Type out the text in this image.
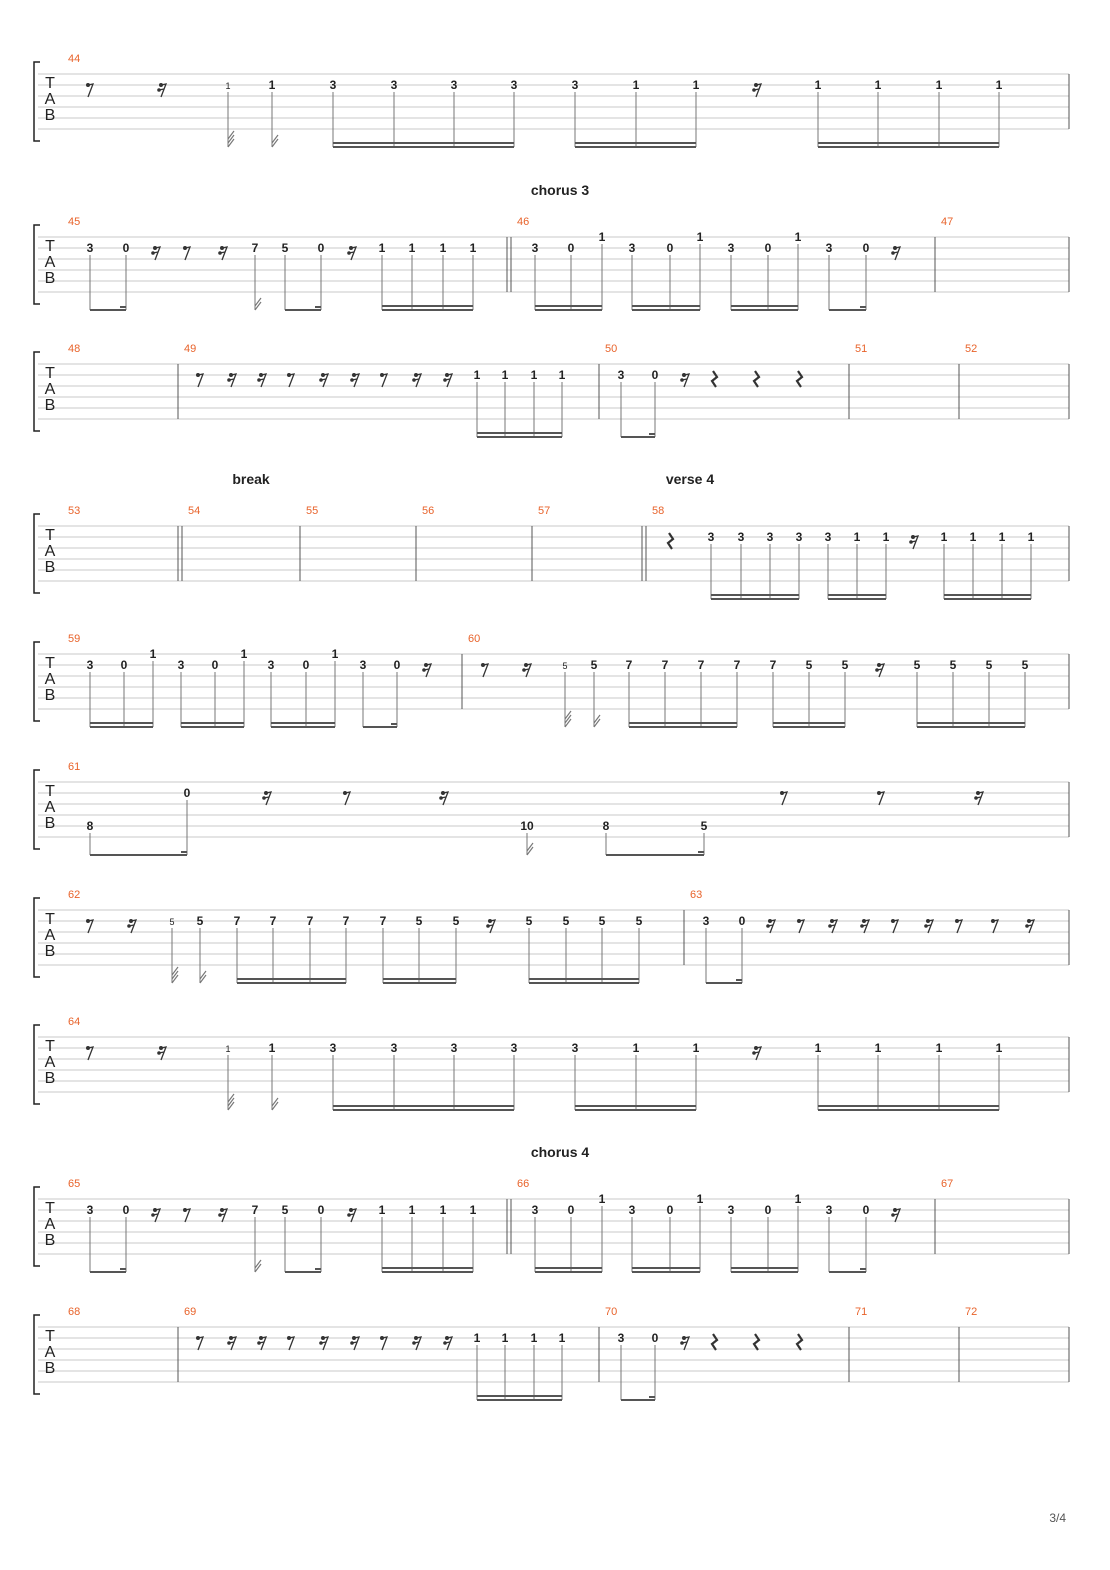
T
A
B
44
1	1	3	3	3	3	3	1	1	1	1	1	1
T
A
B
chorus 3
45
3 0	7 5 0	1 1 1 1
46
3 0
1
3	0
1
3	0
1
3	0
47
T
A
B
48	49
1 1 1 1
50
3 0
51	52
T
A
B
break	verse 4
53	54	55	56	57	58
3 3 3 3 3 1 1	1 1 1 1
T
A
B
59
3 0
1
3 0
1
3 0
1
3 0
60
5 5 7 7 7 7 7 5 5	5 5 5 5
T
A
B
61
8
0
10	8	5
T
A
B
62
5 5	7 7	7 7	7 5	5	5	5 5	5
63
3 0
T
A
B
64
1	1	3	3	3	3	3	1	1	1	1	1	1
T
A
B
chorus 4
65
3 0	7 5 0	1 1 1 1
66
3 0
1
3	0
1
3	0
1
3	0
67
T
A
B
68	69
1 1 1 1
70
3 0
71	72
3/4
